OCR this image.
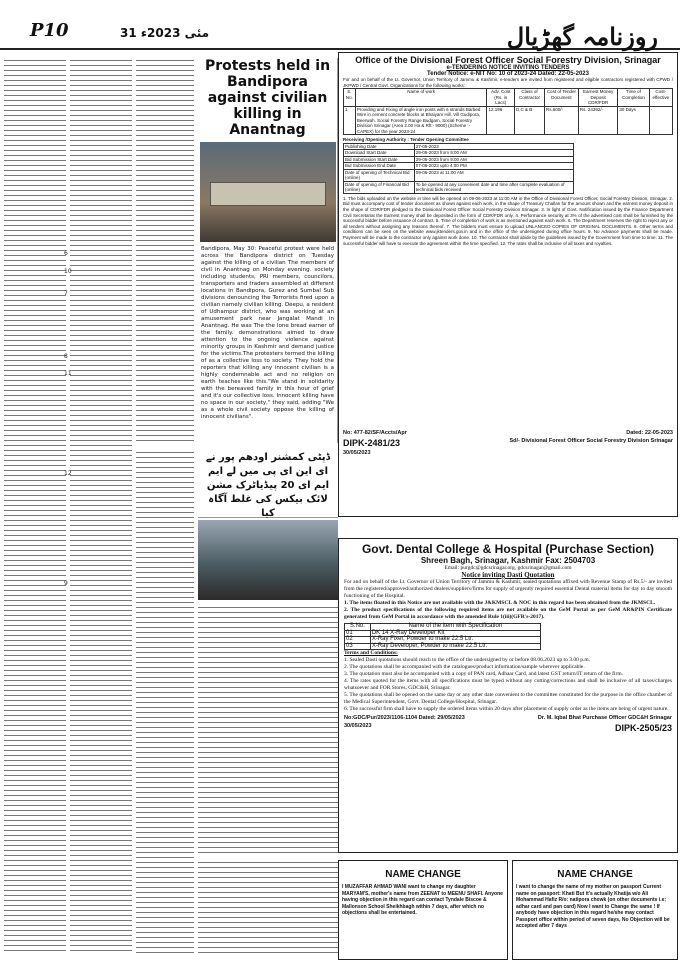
P10	31 مئی 2023ء	روزنامہ گھڑیال
6
7
8
9
10
11
12
Protests held in Bandipora against civilian killing in Anantnag
Bandipora, May 30: Peaceful protest were held across the Bandipora district on Tuesday against the killing of a civilian The members of civil in Anantnag on Monday evening. society including students, PRI members, councilors, transporters and traders assembled at different locations in Bandipora, Gurez and Sumbal Sub divisions denouncing the Terrorists fired upon a civilian namely civilian killing. Deepu, a resident of Udhampur district, who was working at an amusement park near Jangalat Mandi in Anantnag. He was The the lone bread earner of the family. demonstrations aimed to draw attention to the ongoing violence against minority groups in Kashmir and demand justice for the victims.The protesters termed the killing of as a collective loss to society. They hold the reporters that killing any innocent civilian is a highly condemnable act and no religion on earth teaches like this."We stand in solidarity with the bereaved family in this hour of grief and it's our collective loss. Innocent killing have no space in our society," they said, adding "We as a whole civil society oppose the killing of innocent civilians".
ڈپٹی کمشنر اودھم پور نے ای این ای پی میں لے ایم ایم ای 20 پیڈیاٹرک مشن لائک بیکس کی غلط آگاہ کیا
Office of the Divisional Forest Officer Social Forestry Division, Srinagar
e-TENDERING NOTICE INVITING TENDERS
Tender Notice: e-NIT No: 10 of 2023-24 Dated: 22-05-2023
For and on behalf of the Lt. Governor, Union Territory of Jammu & Kashmir, e-tenders are invited from registered and eligible contractors registered with CPWD / JKPWD / Central Govt. Organizations for the following works:
S. No.	Name of work	Adv. Cost (Rs. in Lacs)	Class of Contractor	Cost of Tender Document	Earnest Money Deposit CDR/FDR	Time of Completion	Cost-effective
1	Providing and Fixing of angle iron posts with 6 strands Barbed Wire in cement concrete blocks at Bhaiyam Hill, Vill Gudipora, Beerwah. Social Forestry Range Budgam, Social Forestry Division Srinagar (Area 2.00 Ha & Rft:- 9000) (Scheme :- CAPEX) for the year 2023-24	12.196	D,C & B	Rs.600/-	Rs. 24392/-	30 Days	-
Receiving /Opening Authority : Tender Opening Committee
Publishing Date	27-05-2023
Download Start Date	29-05-2023 from 9:00 AM
Bid Submission Start Date	29-05-2023 from 9:00 AM
Bid Submission End Date	07-06-2023 upto 4:00 PM
Date of opening of Technical Bid (online)	09-06-2023 at 11:00 AM
Date of opening of Financial Bid (online)	To be opened at any convenient date and time after complete evaluation of technical bids received
1. The bids uploaded on the website in time will be opened on 09-06-2023 at 11:00 AM in the Office of Divisional Forest Officer, Social Forestry Division, Srinagar. 2. Bid must accompany cost of tender document as shown against each work, in the shape of Treasury Challan for the amount shown and the earnest money deposit in the shape of CDR/FDR pledged to the Divisional Forest Officer Social Forestry Division Srinagar. 3. In light of Govt. Notification issued by the Finance Department Civil Secretariat the Earnest money shall be deposited in the form of CDR/FDR only. 4. Performance security at 3% of the advertised cost shall be furnished by the successful bidder before issuance of contract. 5. Time of completion of work is as mentioned against each work. 6. The Department reserves the right to reject any or all tenders without assigning any reasons thereof. 7. The bidders must ensure to upload UNLANCED COPIES OF ORIGINAL DOCUMENTS. 8. Other terms and conditions can be seen on the website www.jktenders.gov.in and in the office of the undersigned during office hours. 9. No Advance payments shall be made. Payment will be made to the contractor only against work done. 10. The contractor shall abide by the guidelines issued by the Government from time to time. 11. The successful bidder will have to execute the agreement within the time specified. 12. The rates shall be inclusive of all taxes and royalties.
No: 477-82/SF/Accts/Apr	Dated: 22-05-2023
DIPK-2481/23	Sd/- Divisional Forest Officer Social Forestry Division Srinagar
30/05/2023
Govt. Dental College & Hospital (Purchase Section)
Shreen Bagh, Srinagar, Kashmir Fax: 2504703
Email: purgdc@gdcsrinagar.org, gdcsrinagar@gmail.com
Notice inviting Dasti Quotation
For and on behalf of the Lt. Governor of Union Territory of Jammu & Kashmir, sealed quotations affixed with Revenue Stamp of Rs.5/- are invited from the registered/approved/authorized dealers/suppliers/firms for supply of urgently required essential Dental material items for day to day smooth functioning of the Hospital.
1. The items floated in this Notice are not available with the J&KMSCL & NOC in this regard has been obtained from the JKMSCL.
2. The product specifications of the following required items are not available on the GeM Portal as per GeM AR&PIN Certificate generated from GeM Portal in accordance with the amended Rule 1(iii)(GFR's-2017).
S.No.	Name of the item with Specification
01	DK 14 X-Ray Developer Kit
02	X-Ray Fixer, Powder to make 22.5 Ltr.
03	X-Ray Developer, Powder to make 22.5 Ltr.
Terms and Conditions:
1. Sealed Dasti quotations should reach to the office of the undersigned by or before 08.06.2023 up to 3.00 p.m.
2. The quotations shall be accompanied with the catalogues/product information/sample wherever applicable.
3. The quotation must also be accompanied with a copy of PAN card, Adhaar Card, and latest GST return/IT return of the firm.
4. The rates quoted for the items with all specifications must be typed without any cutting/corrections and shall be inclusive of all taxes/charges whatsoever and FOR Stores, GDC&H, Srinagar.
5. The quotations shall be opened on the same day or any other date convenient to the committee constituted for the purpose in the office chamber of the Medical Superintendent, Govt. Dental College/Hospital, Srinagar.
6. The successful firm shall have to supply the ordered items within 20 days after placement of supply order as the items are being of urgent nature.
No:GDC/Pur/2023/1106-1104 Dated: 29/05/2023	Dr. M. Iqbal Bhat Purchase Officer GDC&H Srinagar
30/05/2023	DIPK-2505/23
NAME CHANGE
I MUZAFFAR AHMAD WANI want to change my daughter MARYAM'S, mother's name from ZEENAT to MEENU SHAFI. Anyone having objection in this regard can contact Tyndale Biscoe & Mallonson School Sheikhbagh within 7 days, after which no objections shall be entertained.
NAME CHANGE
I want to change the name of my mother on passport Current name on passport: Khati But it's actually Khatija w/o Ali Mohammad Hafiz R/o: natipora chowk (on other documents i.e; adhar card and pan card) Now I want to Change the same ! If anybody have objection in this regard he/she may contact Passport office within period of seven days, No Objection will be accepted after 7 days
